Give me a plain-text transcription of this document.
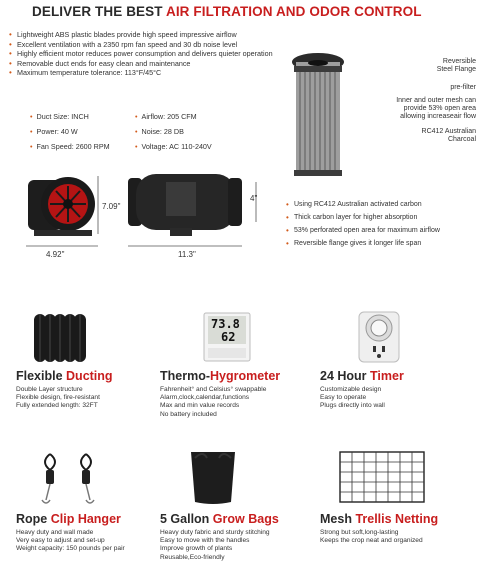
DELIVER THE BEST AIR FILTRATION AND ODOR CONTROL
• Lightweight ABS plastic blades provide high speed impressive airflow
• Excellent ventilation with a 2350 rpm fan speed and 30 db noise level
• Highly efficient motor reduces power consumption and delivers quieter operation
• Removable duct ends for easy clean and maintenance
• Maximum temperature tolerance: 113°F/45°C
• Duct Size: INCH
• Power: 40 W
• Fan Speed: 2600 RPM
• Airflow: 205 CFM
• Noise: 28 DB
• Voltage: AC 110-240V
7.09"
4.92"	11.3"
4"
Reversible
Steel Flange
pre-filter
Inner and outer mesh can
provide 53% open area
allowing increaseair flow
RC412 Australian
Charcoal
• Using RC412 Australian activated carbon
• Thick carbon layer for higher absorption
• 53% perforated open area for maximum airflow
• Reversible flange gives it longer life span
73.8
62
Flexible Ducting
Double Layer structure
Flexible design, fire-resistant
Fully extended length: 32FT
Thermo-Hygrometer
Fahrenheit° and Celsius° swappable
Alarm,clock,calendar,functions
Max and min value records
No battery included
24 Hour Timer
Customizable design
Easy to operate
Plugs directly into wall
Rope Clip Hanger
Heavy duty and wall made
Very easy to adjust and set-up
Weight capacity: 150 pounds per pair
5 Gallon Grow Bags
Heavy duty fabric and sturdy stitching
Easy to move with the handles
Improve growth of plants
Reusable,Eco-friendly
Mesh Trellis Netting
Strong but soft,long-lasting
Keeps the crop neat and organized
